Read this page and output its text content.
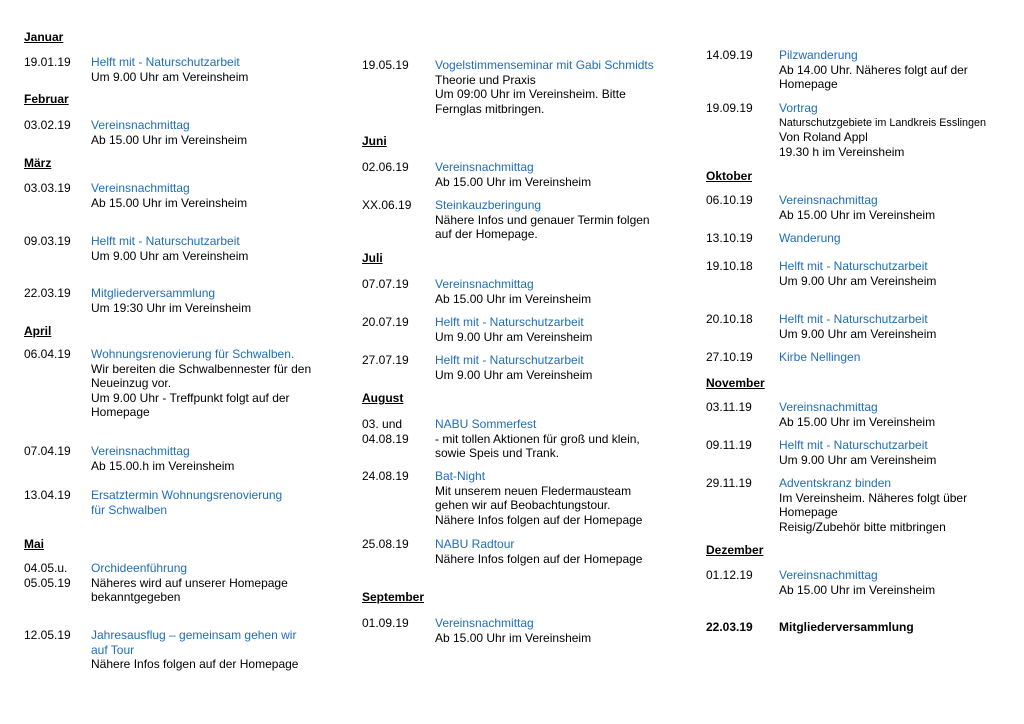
Januar
19.01.19 Helft mit - Naturschutzarbeit
Um 9.00 Uhr am Vereinsheim
Februar
03.02.19 Vereinsnachmittag
Ab 15.00 Uhr im Vereinsheim
März
03.03.19 Vereinsnachmittag
Ab 15.00 Uhr im Vereinsheim
09.03.19 Helft mit - Naturschutzarbeit
Um 9.00 Uhr am Vereinsheim
22.03.19 Mitgliederversammlung
Um 19:30 Uhr im Vereinsheim
April
06.04.19 Wohnungsrenovierung für Schwalben.
Wir bereiten die Schwalbennester für den
Neueinzug vor.
Um 9.00 Uhr - Treffpunkt folgt auf der
Homepage
07.04.19 Vereinsnachmittag
Ab 15.00.h im Vereinsheim
13.04.19 Ersatztermin Wohnungsrenovierung
für Schwalben
Mai
04.05.u.
05.05.19
Orchideenführung
Näheres wird auf unserer Homepage
bekanntgegeben
12.05.19 Jahresausflug – gemeinsam gehen wir
auf Tour
Nähere Infos folgen auf der Homepage
19.05.19 Vogelstimmenseminar mit Gabi Schmidts
Theorie und Praxis
Um 09:00 Uhr im Vereinsheim. Bitte
Fernglas mitbringen.
Juni
02.06.19 Vereinsnachmittag
Ab 15.00 Uhr im Vereinsheim
XX.06.19 Steinkauzberingung
Nähere Infos und genauer Termin folgen
auf der Homepage.
Juli
07.07.19 Vereinsnachmittag
Ab 15.00 Uhr im Vereinsheim
20.07.19 Helft mit - Naturschutzarbeit
Um 9.00 Uhr am Vereinsheim
27.07.19 Helft mit - Naturschutzarbeit
Um 9.00 Uhr am Vereinsheim
August
03. und
04.08.19
NABU Sommerfest
- mit tollen Aktionen für groß und klein,
sowie Speis und Trank.
24.08.19 Bat-Night
Mit unserem neuen Fledermausteam
gehen wir auf Beobachtungstour.
Nähere Infos folgen auf der Homepage
25.08.19 NABU Radtour
Nähere Infos folgen auf der Homepage
September
01.09.19 Vereinsnachmittag
Ab 15.00 Uhr im Vereinsheim
14.09.19 Pilzwanderung
Ab 14.00 Uhr. Näheres folgt auf der
Homepage
19.09.19 Vortrag
Naturschutzgebiete im Landkreis Esslingen
Von Roland Appl
19.30 h im Vereinsheim
Oktober
06.10.19 Vereinsnachmittag
Ab 15.00 Uhr im Vereinsheim
13.10.19 Wanderung
19.10.18 Helft mit - Naturschutzarbeit
Um 9.00 Uhr am Vereinsheim
20.10.18 Helft mit - Naturschutzarbeit
Um 9.00 Uhr am Vereinsheim
27.10.19 Kirbe Nellingen
November
03.11.19 Vereinsnachmittag
Ab 15.00 Uhr im Vereinsheim
09.11.19 Helft mit - Naturschutzarbeit
Um 9.00 Uhr am Vereinsheim
29.11.19 Adventskranz binden
Im Vereinsheim. Näheres folgt über
Homepage
Reisig/Zubehör bitte mitbringen
Dezember
01.12.19 Vereinsnachmittag
Ab 15.00 Uhr im Vereinsheim
22.03.19 Mitgliederversammlung
